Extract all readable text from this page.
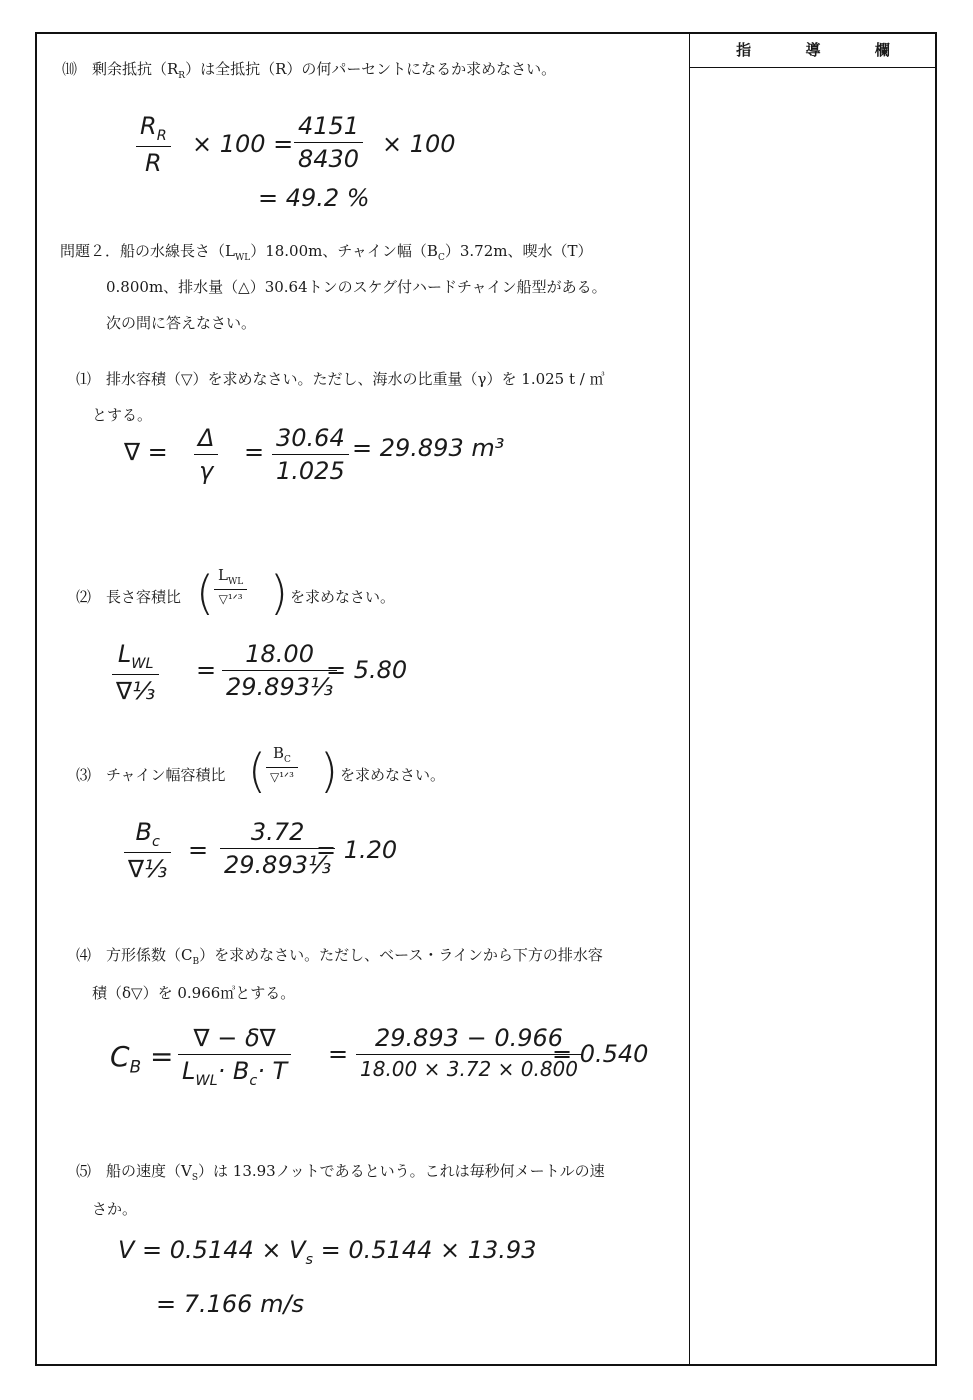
指	導	欄
⑽　剰余抵抗$(R_R)$は全抵抗（R）の何パーセントになるか求めなさい。
$R_R$
R
× 100 =
4151
8430
× 100
= 49.2 %
問題２．船の水線長さ$(L_{WL})18.00m$、チャイン幅$(B_C)3.72m$、喫水（T）
0.800m、排水量（△）30.64トンのスケグ付ハードチャイン船型がある。
次の問に答えなさい。
⑴　排水容積（▽）を求めなさい。ただし、海水の比重量（γ）を 1.025 t / ㎥
とする。
∇ = Δ
γ
= 30.64
1.025
= 29.893 m³
⑵　長さ容積比 ( $L_{WL}$
▽¹ᐟ³ ) を求めなさい。
$L_{WL}$
∇⅓
=
18.00
29.893⅓
= 5.80
⑶　チャイン幅容積比 ( $B_C$
▽¹ᐟ³ ) を求めなさい。
$B_c$
∇⅓
=
3.72
29.893⅓
= 1.20
⑷　方形係数$(C_B)$を求めなさい。ただし、ベース・ラインから下方の排水容
積（δ▽）を 0.966㎥とする。
$C_B$ =
∇ − δ∇
$L_{WL}\cdot B_c\cdot T$
=
29.893 − 0.966
18.00 × 3.72 × 0.800
= 0.540
⑸　船の速度$(V_S)$は 13.93ノットであるという。これは毎秒何メートルの速
さか。
$V = 0.5144 \times V_s = 0.5144 \times 13.93$
= 7.166 m/s
